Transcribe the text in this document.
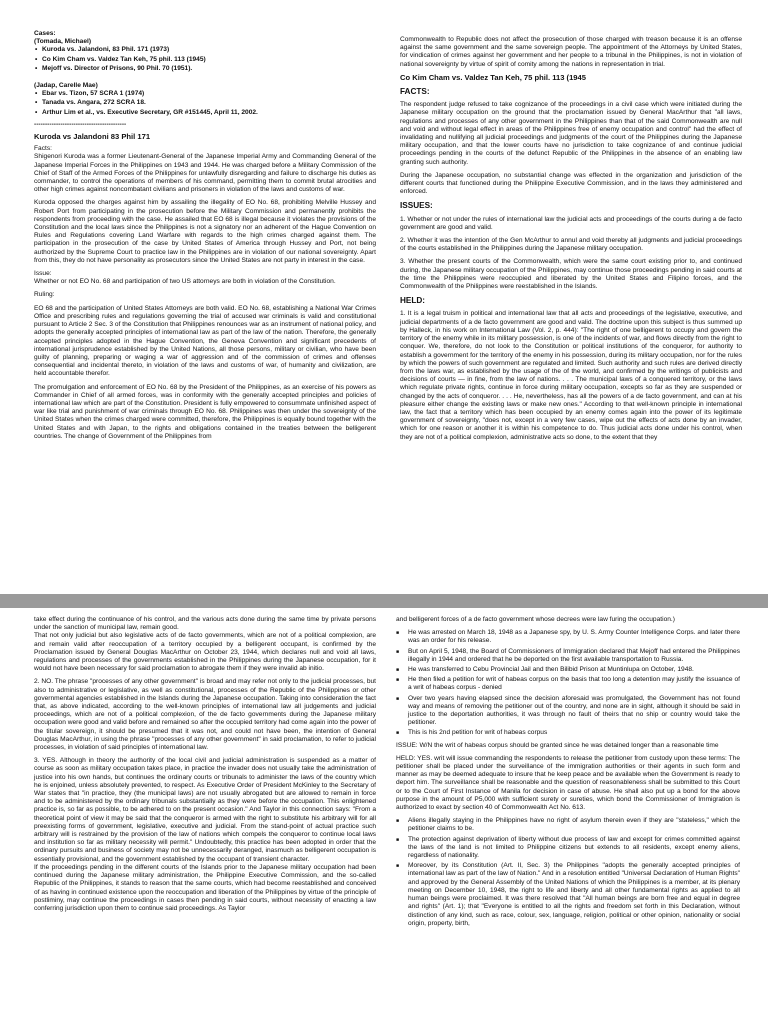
Cases:
(Tomada, Michael)
• Kuroda vs. Jalandoni, 83 Phil. 171 (1973)
• Co Kim Cham vs. Valdez Tan Keh, 75 phil. 113 (1945)
• Mejoff vs. Director of Prisons, 90 Phil. 70 (1951).
(Jadap, Carelle Mae)
• Ebar vs. Tizon, 57 SCRA 1 (1974)
• Tanada vs. Angara, 272 SCRA 18.
• Arthur Lim et al., vs. Executive Secretary, GR #151445, April 11, 2002.
------------------------------------------
Kuroda vs Jalandoni 83 Phil 171
Facts:

Shigenori Kuroda was a former Lieutenant-General of the Japanese Imperial Army and Commanding General of the Japanese Imperial Forces in the Philippines on 1943 and 1944. He was charged before a Military Commission of the Chief of Staff of the Armed Forces of the Philippines for unlawfully disregarding and failure to discharge his duties as commander, to control the operations of members of his command, permitting them to commit brutal atrocities and other high crimes against noncombatant civilians and prisoners in violation of the laws and customs of war.

Kuroda opposed the charges against him by assailing the illegality of EO No. 68, prohibiting Melville Hussey and Robert Port from participating in the prosecution before the Military Commission and permanently prohibits the respondents from proceeding with the case. He assailed that EO 68 is illegal because it violates the provisions of the Constitution and the local laws since the Philippines is not a signatory nor an adherent of the Hague Convention on Rules and Regulations covering Land Warfare with regards to the high crimes charged against them. The participation in the prosecution of the case by United States of America through Hussey and Port, not being authorized by the Supreme Court to practice law in the Philippines are in violation of our national sovereignty. Apart from this, they do not have personality as prosecutors since the United States are not party in interest in the case.

Issue:

Whether or not EO No. 68 and participation of two US attorneys are both in violation of the Constitution.

Ruling:

EO 68 and the participation of United States Attorneys are both valid. EO No. 68, establishing a National War Crimes Office and prescribing rules and regulations governing the trial of accused war criminals is valid and constitutional pursuant to Article 2 Sec. 3 of the Constitution that Philippines renounces war as an instrument of national policy, and adopts the generally accepted principles of international law as part of the law of the nation. Therefore, the generally accepted principles adopted in the Hague Convention, the Geneva Convention and significant precedents of international jurisprudence established by the United Nations, all those persons, military or civilian, who have been guilty of planning, preparing or waging a war of aggression and of the commission of crimes and offenses consequential and incidental thereto, in violation of the laws and customs of war, of humanity and civilization, are held accountable therefor.

The promulgation and enforcement of EO No. 68 by the President of the Philippines, as an exercise of his powers as Commander in Chief of all armed forces, was in conformity with the generally accepted principles and policies of international law which are part of the Constitution. President is fully empowered to consummate unfinished aspect of war like trial and punishment of war criminals through EO No. 68. Philippines was then under the sovereignty of the United States when the crimes charged were committed, therefore, the Philippines is equally bound together with the United States and with Japan, to the rights and obligations contained in the treaties between the belligerent countries. The change of Government of the Philippines from

Commonwealth to Republic does not affect the prosecution of those charged with treason because it is an offense against the same government and the same sovereign people. The appointment of the Attorneys by United States, for vindication of crimes against her government and her people to a tribunal in the Philippines, is not in violation of national sovereignty by virtue of spirit of comity among the nations in representation in trial.

Co Kim Cham vs. Valdez Tan Keh, 75 phil. 113 (1945
FACTS:

The respondent judge refused to take cognizance of the proceedings in a civil case which were initiated during the Japanese military occupation on the ground that the proclamation issued by General MacArthur that "all laws, regulations and processes of any other government in the Philippines than that of the said Commonwealth are null and void and without legal effect in areas of the Philippines free of enemy occupation and control" had the effect of invalidating and nullifying all judicial proceedings and judgments of the court of the Philippines during the Japanese military occupation, and that the lower courts have no jurisdiction to take cognizance of and continue judicial proceedings pending in the courts of the defunct Republic of the Philippines in the absence of an enabling law granting such authority.

During the Japanese occupation, no substantial change was effected in the organization and jurisdiction of the different courts that functioned during the Philippine Executive Commission, and in the laws they administered and enforced.

ISSUES:

1. Whether or not under the rules of international law the judicial acts and proceedings of the courts during a de facto government are good and valid.

2. Whether it was the intention of the Gen McArthur to annul and void thereby all judgments and judicial proceedings of the courts established in the Philippines during the Japanese military occupation.

3. Whether the present courts of the Commonwealth, which were the same court existing prior to, and continued during, the Japanese military occupation of the Philippines, may continue those proceedings pending in said courts at the time the Philippines were reoccupied and liberated by the United States and Filipino forces, and the Commonwealth of the Philippines were reestablished in the Islands.

HELD:

1. It is a legal truism in political and international law that all acts and proceedings of the legislative, executive, and judicial departments of a de facto government are good and valid. The doctrine upon this subject is thus summed up by Halleck, in his work on International Law (Vol. 2, p. 444): "The right of one belligerent to occupy and govern the territory of the enemy while in its military possession, is one of the incidents of war, and flows directly from the right to conquer. We, therefore, do not look to the Constitution or political institutions of the conqueror, for authority to establish a government for the territory of the enemy in his possession, during its military occupation, nor for the rules by which the powers of such government are regulated and limited. Such authority and such rules are derived directly from the laws war, as established by the usage of the of the world, and confirmed by the writings of publicists and decisions of courts — in fine, from the law of nations. . . . The municipal laws of a conquered territory, or the laws which regulate private rights, continue in force during military occupation, excepts so far as they are suspended or changed by the acts of conqueror. . . . He, nevertheless, has all the powers of a de facto government, and can at his pleasure either change the existing laws or make new ones." According to that well-known principle in international law, the fact that a territory which has been occupied by an enemy comes again into the power of its legitimate government of sovereignty, "does not, except in a very few cases, wipe out the effects of acts done by an invader, which for one reason or another it is within his competence to do. Thus judicial acts done under his control, when they are not of a political complexion, administrative acts so done, to the extent that they

take effect during the continuance of his control, and the various acts done during the same time by private persons under the sanction of municipal law, remain good.
That not only judicial but also legislative acts of de facto governments, which are not of a political complexion, are and remain valid after reoccupation of a territory occupied by a belligerent occupant, is confirmed by the Proclamation issued by General Douglas MacArthur on October 23, 1944, which declares null and void all laws, regulations and processes of the governments established in the Philippines during the Japanese occupation, for it would not have been necessary for said proclamation to abrogate them if they were invalid ab initio.

2. NO. The phrase "processes of any other government" is broad and may refer not only to the judicial processes, but also to administrative or legislative, as well as constitutional, processes of the Republic of the Philippines or other governmental agencies established in the Islands during the Japanese occupation. Taking into consideration the fact that, as above indicated, according to the well-known principles of international law all judgements and judicial proceedings, which are not of a political complexion, of the de facto governments during the Japanese military occupation were good and valid before and remained so after the occupied territory had come again into the power of the titular sovereign, it should be presumed that it was not, and could not have been, the intention of General Douglas MacArthur, in using the phrase "processes of any other government" in said proclamation, to refer to judicial processes, in violation of said principles of international law.

3. YES. Although in theory the authority of the local civil and judicial administration is suspended as a matter of course as soon as military occupation takes place, in practice the invader does not usually take the administration of justice into his own hands, but continues the ordinary courts or tribunals to administer the laws of the country which he is enjoined, unless absolutely prevented, to respect. As Executive Order of President McKinley to the Secretary of War states that "in practice, they (the municipal laws) are not usually abrogated but are allowed to remain in force and to be administered by the ordinary tribunals substantially as they were before the occupation. This enlightened practice is, so far as possible, to be adhered to on the present occasion." And Taylor in this connection says: "From a theoretical point of view it may be said that the conqueror is armed with the right to substitute his arbitrary will for all preexisting forms of government, legislative, executive and judicial. From the stand-point of actual practice such arbitrary will is restrained by the provision of the law of nations which compels the conqueror to continue local laws and institution so far as military necessity will permit." Undoubtedly, this practice has been adopted in order that the ordinary pursuits and business of society may not be unnecessarily deranged, inasmuch as belligerent occupation is essentially provisional, and the government established by the occupant of transient character.
If the proceedings pending in the different courts of the Islands prior to the Japanese military occupation had been continued during the Japanese military administration, the Philippine Executive Commission, and the so-called Republic of the Philippines, it stands to reason that the same courts, which had become reestablished and conceived of as having in continued existence upon the reoccupation and liberation of the Philippines by virtue of the principle of postliminy, may continue the proceedings in cases then pending in said courts, without necessity of enacting a law conferring jurisdiction upon them to continue said proceedings. As Taylor

and belligerent forces of a de facto government whose decrees were law furing the occupation.)

■ He was arrested on March 18, 1948 as a Japanese spy, by U. S. Army Counter Intelligence Corps. and later there was an order for his release.
■ But on April 5, 1948, the Board of Commissioners of Immigration declared that Mejoff had entered the Philippines illegally in 1944 and ordered that he be deported on the first available transportation to Russia.
■ He was transferred to Cebu Provincial Jail and then Bilibid Prison at Muntinlupa on October, 1948.
■ He then filed a petition for writ of habeas corpus on the basis that too long a detention may justify the issuance of a writ of habeas corpus - denied
■ Over two years having elapsed since the decision aforesaid was promulgated, the Government has not found way and means of removing the petitioner out of the country, and none are in sight, although it should be said in justice to the deportation authorities, it was through no fault of theirs that no ship or country would take the petitioner.
■ This is his 2nd petition for writ of habeas corpus

ISSUE: W/N the writ of habeas corpus should be granted since he was detained longer than a reasonable time

HELD: YES. writ will issue commanding the respondents to release the petitioner from custody upon these terms: The petitioner shall be placed under the surveillance of the immigration authorities or their agents in such form and manner as may be deemed adequate to insure that he keep peace and be available when the Government is ready to deport him. The surveillance shall be reasonable and the question of reasonableness shall be submitted to this Court or to the Court of First Instance of Manila for decision in case of abuse. He shall also put up a bond for the above purpose in the amount of P5,000 with sufficient surety or sureties, which bond the Commissioner of Immigration is authorized to exact by section 40 of Commonwealth Act No. 613.

■ Aliens illegally staying in the Philippines have no right of asylum therein even if they are "stateless," which the petitioner claims to be.
■ The protection against deprivation of liberty without due process of law and except for crimes committed against the laws of the land is not limited to Philippine citizens but extends to all residents, except enemy aliens, regardless of nationality.
■ Moreover, by its Constitution (Art. II, Sec. 3) the Philippines "adopts the generally accepted principles of international law as part of the law of Nation." And in a resolution entitled "Universal Declaration of Human Rights" and approved by the General Assembly of the United Nations of which the Philippines is a member, at its plenary meeting on December 10, 1948, the right to life and liberty and all other fundamental rights as applied to all human beings were proclaimed. It was there resolved that "All human beings are born free and equal in degree and rights" (Art. 1); that "Everyone is entitled to all the rights and freedom set forth in this Declaration, without distinction of any kind, such as race, colour, sex, language, religion, political or other opinion, nationality or social origin, property, birth,
